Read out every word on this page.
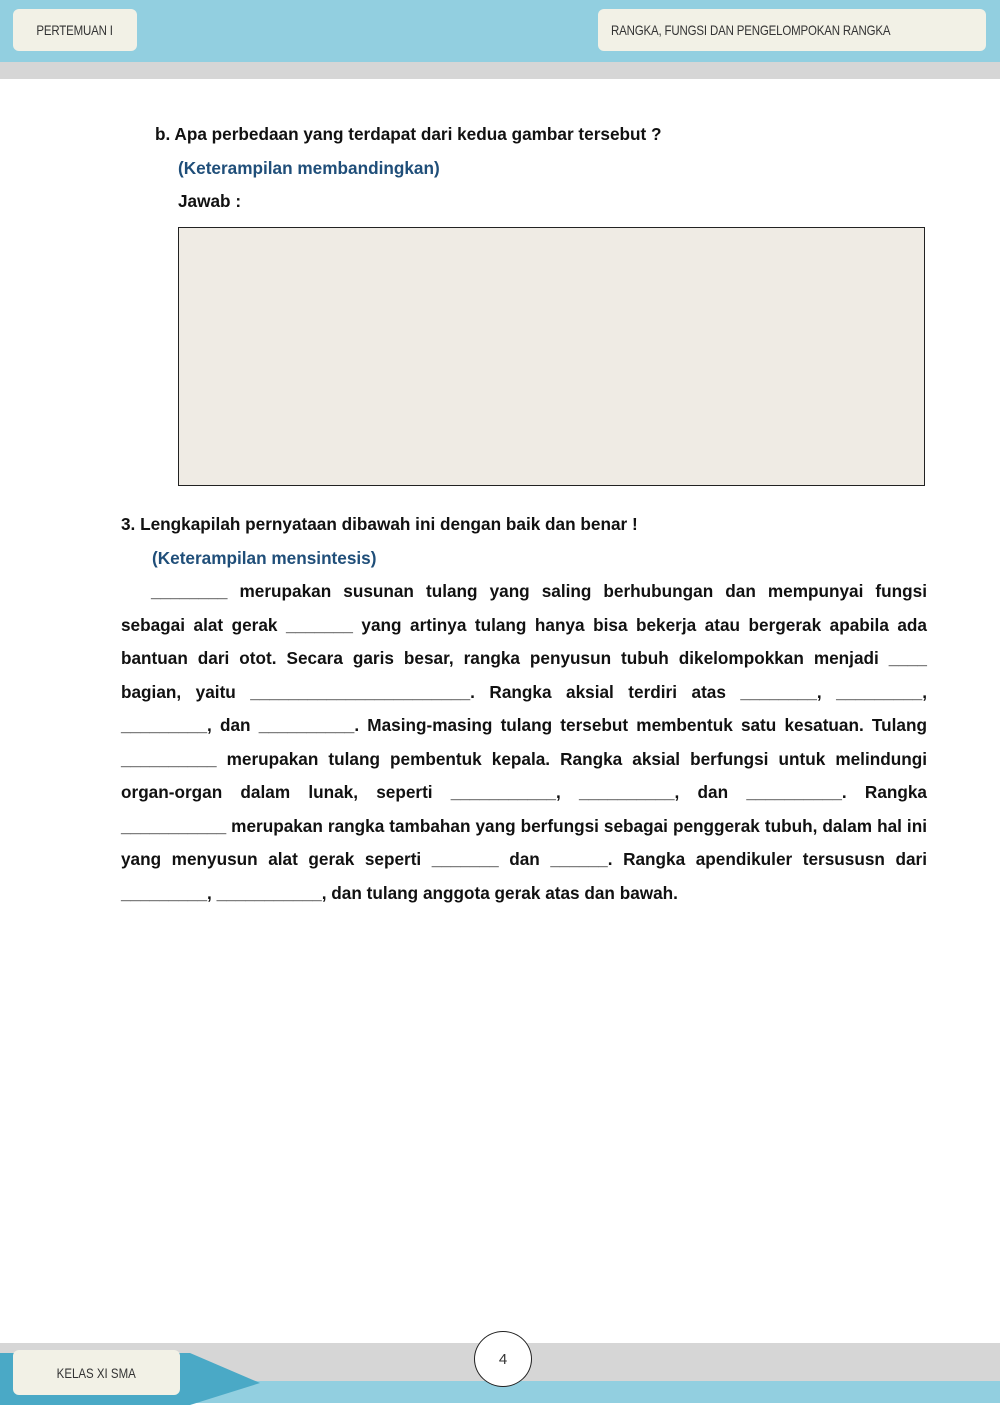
PERTEMUAN I	RANGKA, FUNGSI DAN PENGELOMPOKAN RANGKA
b. Apa perbedaan yang terdapat dari kedua gambar tersebut ?
(Keterampilan membandingkan)
Jawab :
3. Lengkapilah pernyataan dibawah ini dengan baik dan benar !
(Keterampilan mensintesis)

________ merupakan susunan tulang yang saling berhubungan dan mempunyai fungsi sebagai alat gerak _______ yang artinya tulang hanya bisa bekerja atau bergerak apabila ada bantuan dari otot. Secara garis besar, rangka penyusun tubuh dikelompokkan menjadi ____ bagian, yaitu _______________________. Rangka aksial terdiri atas ________, _________, _________, dan __________. Masing-masing tulang tersebut membentuk satu kesatuan. Tulang __________ merupakan tulang pembentuk kepala. Rangka aksial berfungsi untuk melindungi organ-organ dalam lunak, seperti ___________, __________, dan __________. Rangka ___________ merupakan rangka tambahan yang berfungsi sebagai penggerak tubuh, dalam hal ini yang menyusun alat gerak seperti _______ dan ______. Rangka apendikuler tersususn dari _________, ___________, dan tulang anggota gerak atas dan bawah.

KELAS XI SMA
4
